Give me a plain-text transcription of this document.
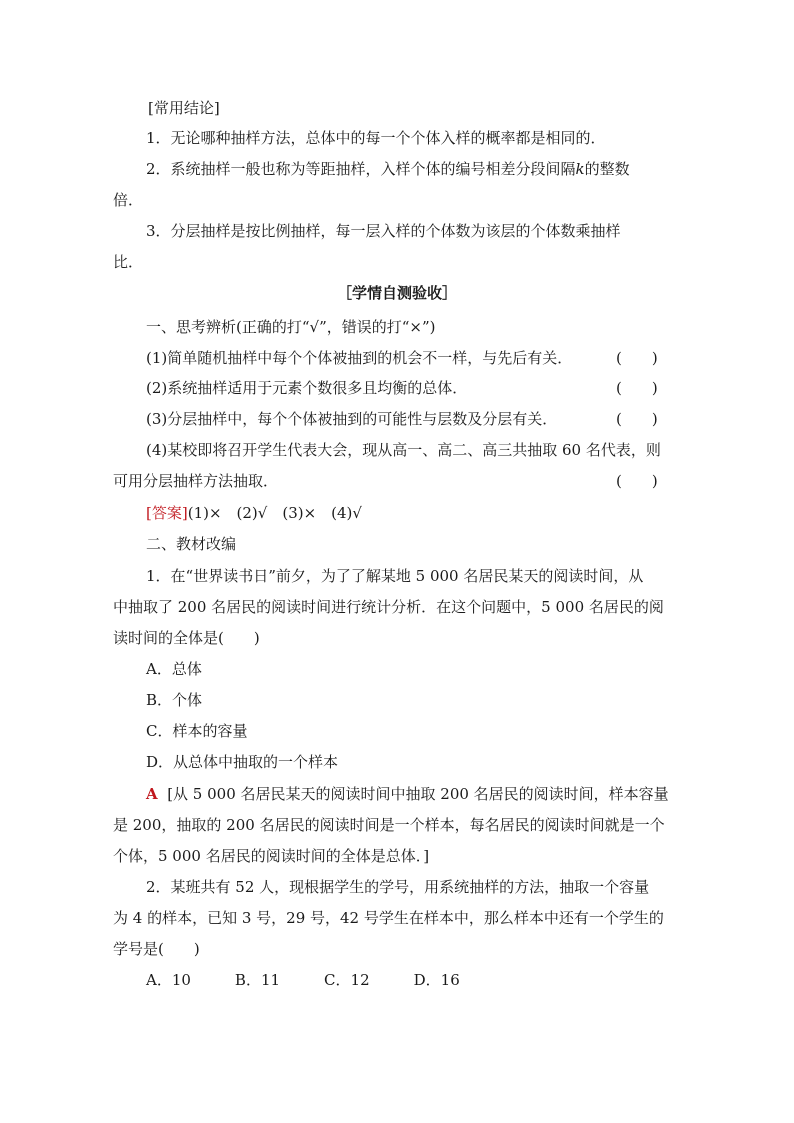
[常用结论]
1．无论哪种抽样方法，总体中的每一个个体入样的概率都是相同的．
2．系统抽样一般也称为等距抽样，入样个体的编号相差分段间隔k的整数
倍．
3．分层抽样是按比例抽样，每一层入样的个体数为该层的个体数乘抽样
比．
［学情自测验收］
一、思考辨析(正确的打“√”，错误的打“×”)
(1)简单随机抽样中每个个体被抽到的机会不一样，与先后有关．	(　　)
(2)系统抽样适用于元素个数很多且均衡的总体．	(　　)
(3)分层抽样中，每个个体被抽到的可能性与层数及分层有关．	(　　)
(4)某校即将召开学生代表大会，现从高一、高二、高三共抽取 60 名代表，则
可用分层抽样方法抽取．	(　　)
[答案](1)×　(2)√　(3)×　(4)√
二、教材改编
1．在“世界读书日”前夕，为了了解某地 5 000 名居民某天的阅读时间，从
中抽取了 200 名居民的阅读时间进行统计分析．在这个问题中，5 000 名居民的阅
读时间的全体是(　　)
A．总体
B．个体
C．样本的容量
D．从总体中抽取的一个样本
A [从 5 000 名居民某天的阅读时间中抽取 200 名居民的阅读时间，样本容量
是 200，抽取的 200 名居民的阅读时间是一个样本，每名居民的阅读时间就是一个
个体，5 000 名居民的阅读时间的全体是总体．]
2．某班共有 52 人，现根据学生的学号，用系统抽样的方法，抽取一个容量
为 4 的样本，已知 3 号，29 号，42 号学生在样本中，那么样本中还有一个学生的
学号是(　　)
A．10	B．11	C．12	D．16
